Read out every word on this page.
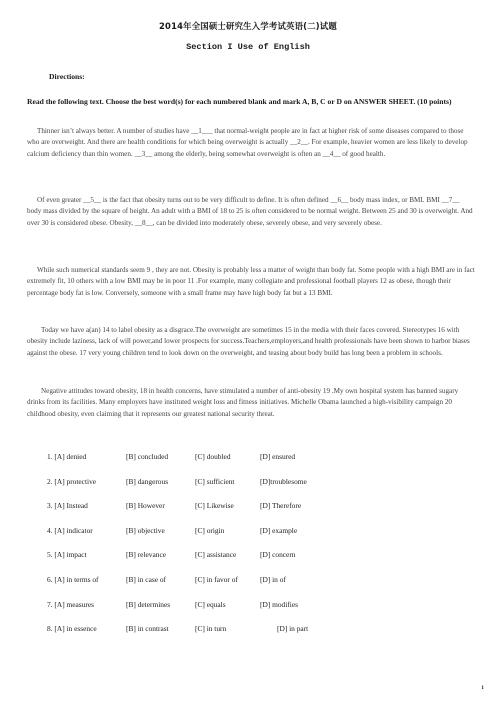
2014年全国硕士研究生入学考试英语(二)试题
Section I Use of English
Directions:
Read the following text. Choose the best word(s) for each numbered blank and mark A, B, C or D on ANSWER SHEET. (10 points)
Thinner isn’t always better. A number of studies have __1___ that normal-weight people are in fact at higher risk of some diseases compared to those who are overweight. And there are health conditions for which being overweight is actually __2__. For example, heavier women are less likely to develop calcium deficiency than thin women. __3__ among the elderly, being somewhat overweight is often an __4__ of good health.
Of even greater __5__ is the fact that obesity turns out to be very difficult to define. It is often defined __6__ body mass index, or BMI. BMI __7__ body mass divided by the square of height. An adult with a BMI of 18 to 25 is often considered to be normal weight. Between 25 and 30 is overweight. And over 30 is considered obese. Obesity, __8__, can be divided into moderately obese, severely obese, and very severely obese.
While such numerical standards seem 9 , they are not. Obesity is probably less a matter of weight than body fat. Some people with a high BMI are in fact extremely fit, 10 others with a low BMI may be in poor 11 .For example, many collegiate and professional football players 12 as obese, though their percentage body fat is low. Conversely, someone with a small frame may have high body fat but a 13 BMI.
Today we have a(an) 14 to label obesity as a disgrace.The overweight are sometimes 15 in the media with their faces covered. Stereotypes 16 with obesity include laziness, lack of will power,and lower prospects for success.Teachers,employers,and health professionals have been shown to harbor biases against the obese. 17 very young children tend to look down on the overweight, and teasing about body build has long been a problem in schools.
Negative attitudes toward obesity, 18 in health concerns, have stimulated a number of anti-obesity 19 .My own hospital system has banned sugary drinks from its facilities. Many employers have instituted weight loss and fitness initiatives. Michelle Obama launched a high-visibility campaign 20 childhood obesity, even claiming that it represents our greatest national security threat.
1. [A] denied	[B] concluded	[C] doubled	[D] ensured
2. [A] protective	[B] dangerous	[C] sufficient	[D]troublesome
3. [A] Instead	[B] However	[C] Likewise	[D] Therefore
4. [A] indicator	[B] objective	[C] origin	[D] example
5. [A] impact	[B] relevance	[C] assistance	[D] concern
6. [A] in terms of	[B] in case of	[C] in favor of	[D] in of
7. [A] measures	[B] determines	[C] equals	[D] modifies
8. [A] in essence	[B] in contrast	[C] in turn	[D] in part
1
